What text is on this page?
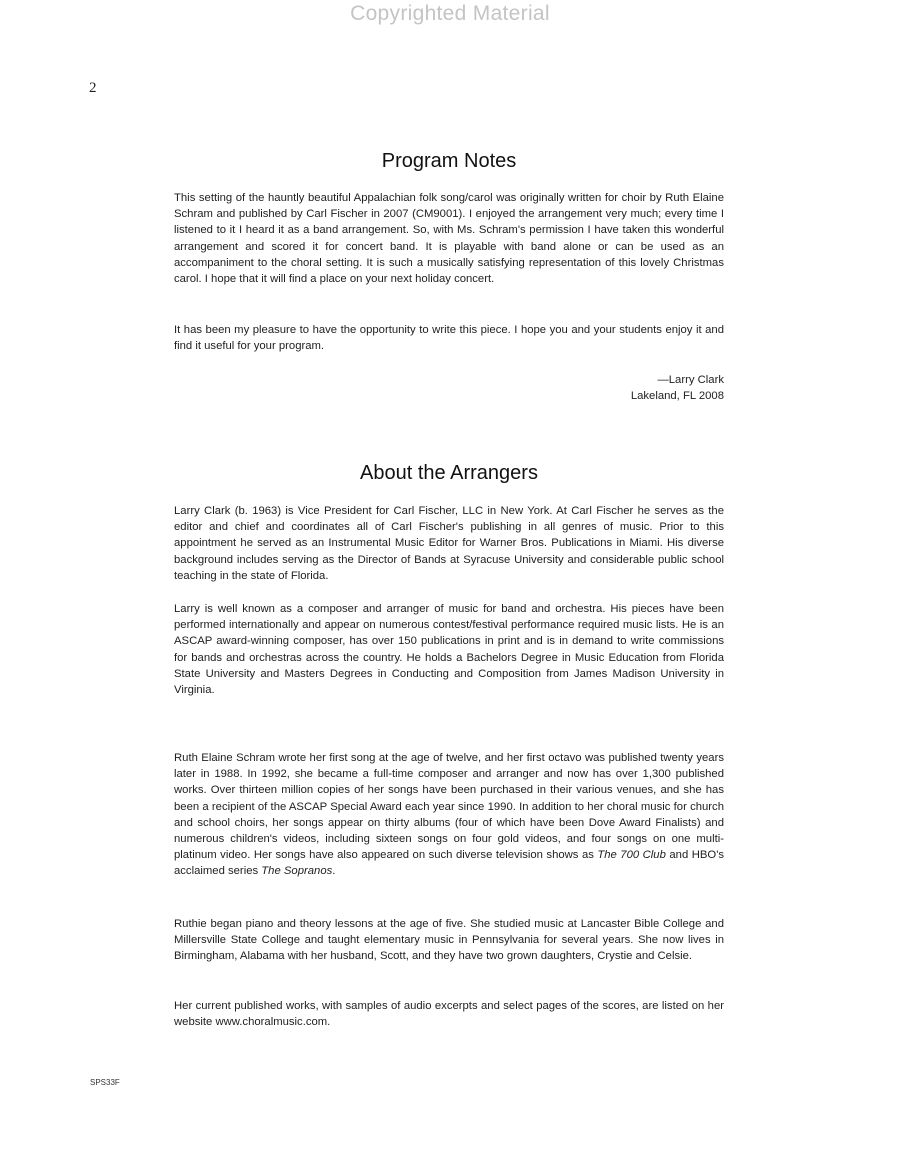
Copyrighted Material
2
Program Notes

This setting of the hauntly beautiful Appalachian folk song/carol was originally written for choir by Ruth Elaine Schram and published by Carl Fischer in 2007 (CM9001). I enjoyed the arrangement very much; every time I listened to it I heard it as a band arrangement. So, with Ms. Schram's permission I have taken this wonderful arrangement and scored it for concert band. It is playable with band alone or can be used as an accompaniment to the choral setting. It is such a musically satisfying representation of this lovely Christmas carol. I hope that it will find a place on your next holiday concert.

It has been my pleasure to have the opportunity to write this piece. I hope you and your students enjoy it and find it useful for your program.

—Larry Clark
Lakeland, FL 2008
About the Arrangers

Larry Clark (b. 1963) is Vice President for Carl Fischer, LLC in New York. At Carl Fischer he serves as the editor and chief and coordinates all of Carl Fischer's publishing in all genres of music. Prior to this appointment he served as an Instrumental Music Editor for Warner Bros. Publications in Miami. His diverse background includes serving as the Director of Bands at Syracuse University and considerable public school teaching in the state of Florida.

Larry is well known as a composer and arranger of music for band and orchestra. His pieces have been performed internationally and appear on numerous contest/festival performance required music lists. He is an ASCAP award-winning composer, has over 150 publications in print and is in demand to write commissions for bands and orchestras across the country. He holds a Bachelors Degree in Music Education from Florida State University and Masters Degrees in Conducting and Composition from James Madison University in Virginia.

Ruth Elaine Schram wrote her first song at the age of twelve, and her first octavo was published twenty years later in 1988. In 1992, she became a full-time composer and arranger and now has over 1,300 published works. Over thirteen million copies of her songs have been purchased in their various venues, and she has been a recipient of the ASCAP Special Award each year since 1990. In addition to her choral music for church and school choirs, her songs appear on thirty albums (four of which have been Dove Award Finalists) and numerous children's videos, including sixteen songs on four gold videos, and four songs on one multi-platinum video. Her songs have also appeared on such diverse television shows as The 700 Club and HBO's acclaimed series The Sopranos.

Ruthie began piano and theory lessons at the age of five. She studied music at Lancaster Bible College and Millersville State College and taught elementary music in Pennsylvania for several years. She now lives in Birmingham, Alabama with her husband, Scott, and they have two grown daughters, Crystie and Celsie.

Her current published works, with samples of audio excerpts and select pages of the scores, are listed on her website www.choralmusic.com.

SPS33F
